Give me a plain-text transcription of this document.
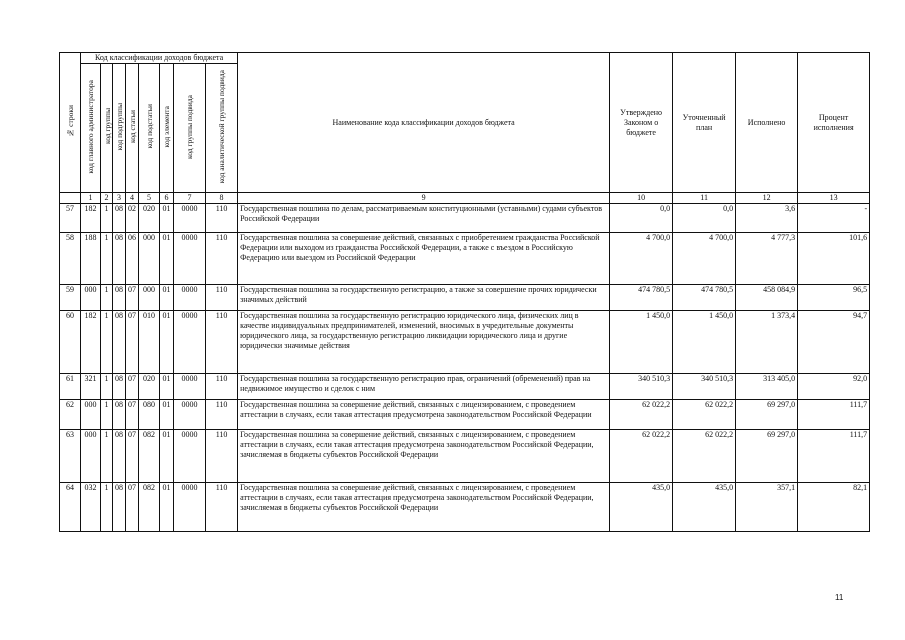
№ строки	Код классификации доходов бюджета								Наименование кода классификации доходов бюджета	Утверждено Законом о бюджете	Уточненный план	Исполнено	Процент исполнения
	код главного администратора	код группы	код подгруппы	код статьи	код подстатьи	код элемента	код группы подвида	код аналитической группы подвида					
	1	2	3	4	5	6	7	8	9	10	11	12	13
57	182	1	08	02	020	01	0000	110	Государственная пошлина по делам, рассматриваемым конституционными (уставными) судами субъектов Российской Федерации	0,0	0,0	3,6	-
58	188	1	08	06	000	01	0000	110	Государственная пошлина за совершение действий, связанных с приобретением гражданства Российской Федерации или выходом из гражданства Российской Федерации, а также с въездом в Российскую Федерацию или выездом из Российской Федерации	4 700,0	4 700,0	4 777,3	101,6
59	000	1	08	07	000	01	0000	110	Государственная пошлина за государственную регистрацию, а также за совершение прочих юридически значимых действий	474 780,5	474 780,5	458 084,9	96,5
60	182	1	08	07	010	01	0000	110	Государственная пошлина за государственную регистрацию юридического лица, физических лиц в качестве индивидуальных предпринимателей, изменений, вносимых в учредительные документы юридического лица, за государственную регистрацию ликвидации юридического лица и другие юридически значимые действия	1 450,0	1 450,0	1 373,4	94,7
61	321	1	08	07	020	01	0000	110	Государственная пошлина за государственную регистрацию прав, ограничений (обременений) прав на недвижимое имущество и сделок с ним	340 510,3	340 510,3	313 405,0	92,0
62	000	1	08	07	080	01	0000	110	Государственная пошлина за совершение действий, связанных с лицензированием, с проведением аттестации в случаях, если такая аттестация предусмотрена законодательством Российской Федерации	62 022,2	62 022,2	69 297,0	111,7
63	000	1	08	07	082	01	0000	110	Государственная пошлина за совершение действий, связанных с лицензированием, с проведением аттестации в случаях, если такая аттестация предусмотрена законодательством Российской Федерации, зачисляемая в бюджеты субъектов Российской Федерации	62 022,2	62 022,2	69 297,0	111,7
64	032	1	08	07	082	01	0000	110	Государственная пошлина за совершение действий, связанных с лицензированием, с проведением аттестации в случаях, если такая аттестация предусмотрена законодательством Российской Федерации, зачисляемая в бюджеты субъектов Российской Федерации	435,0	435,0	357,1	82,1
11
